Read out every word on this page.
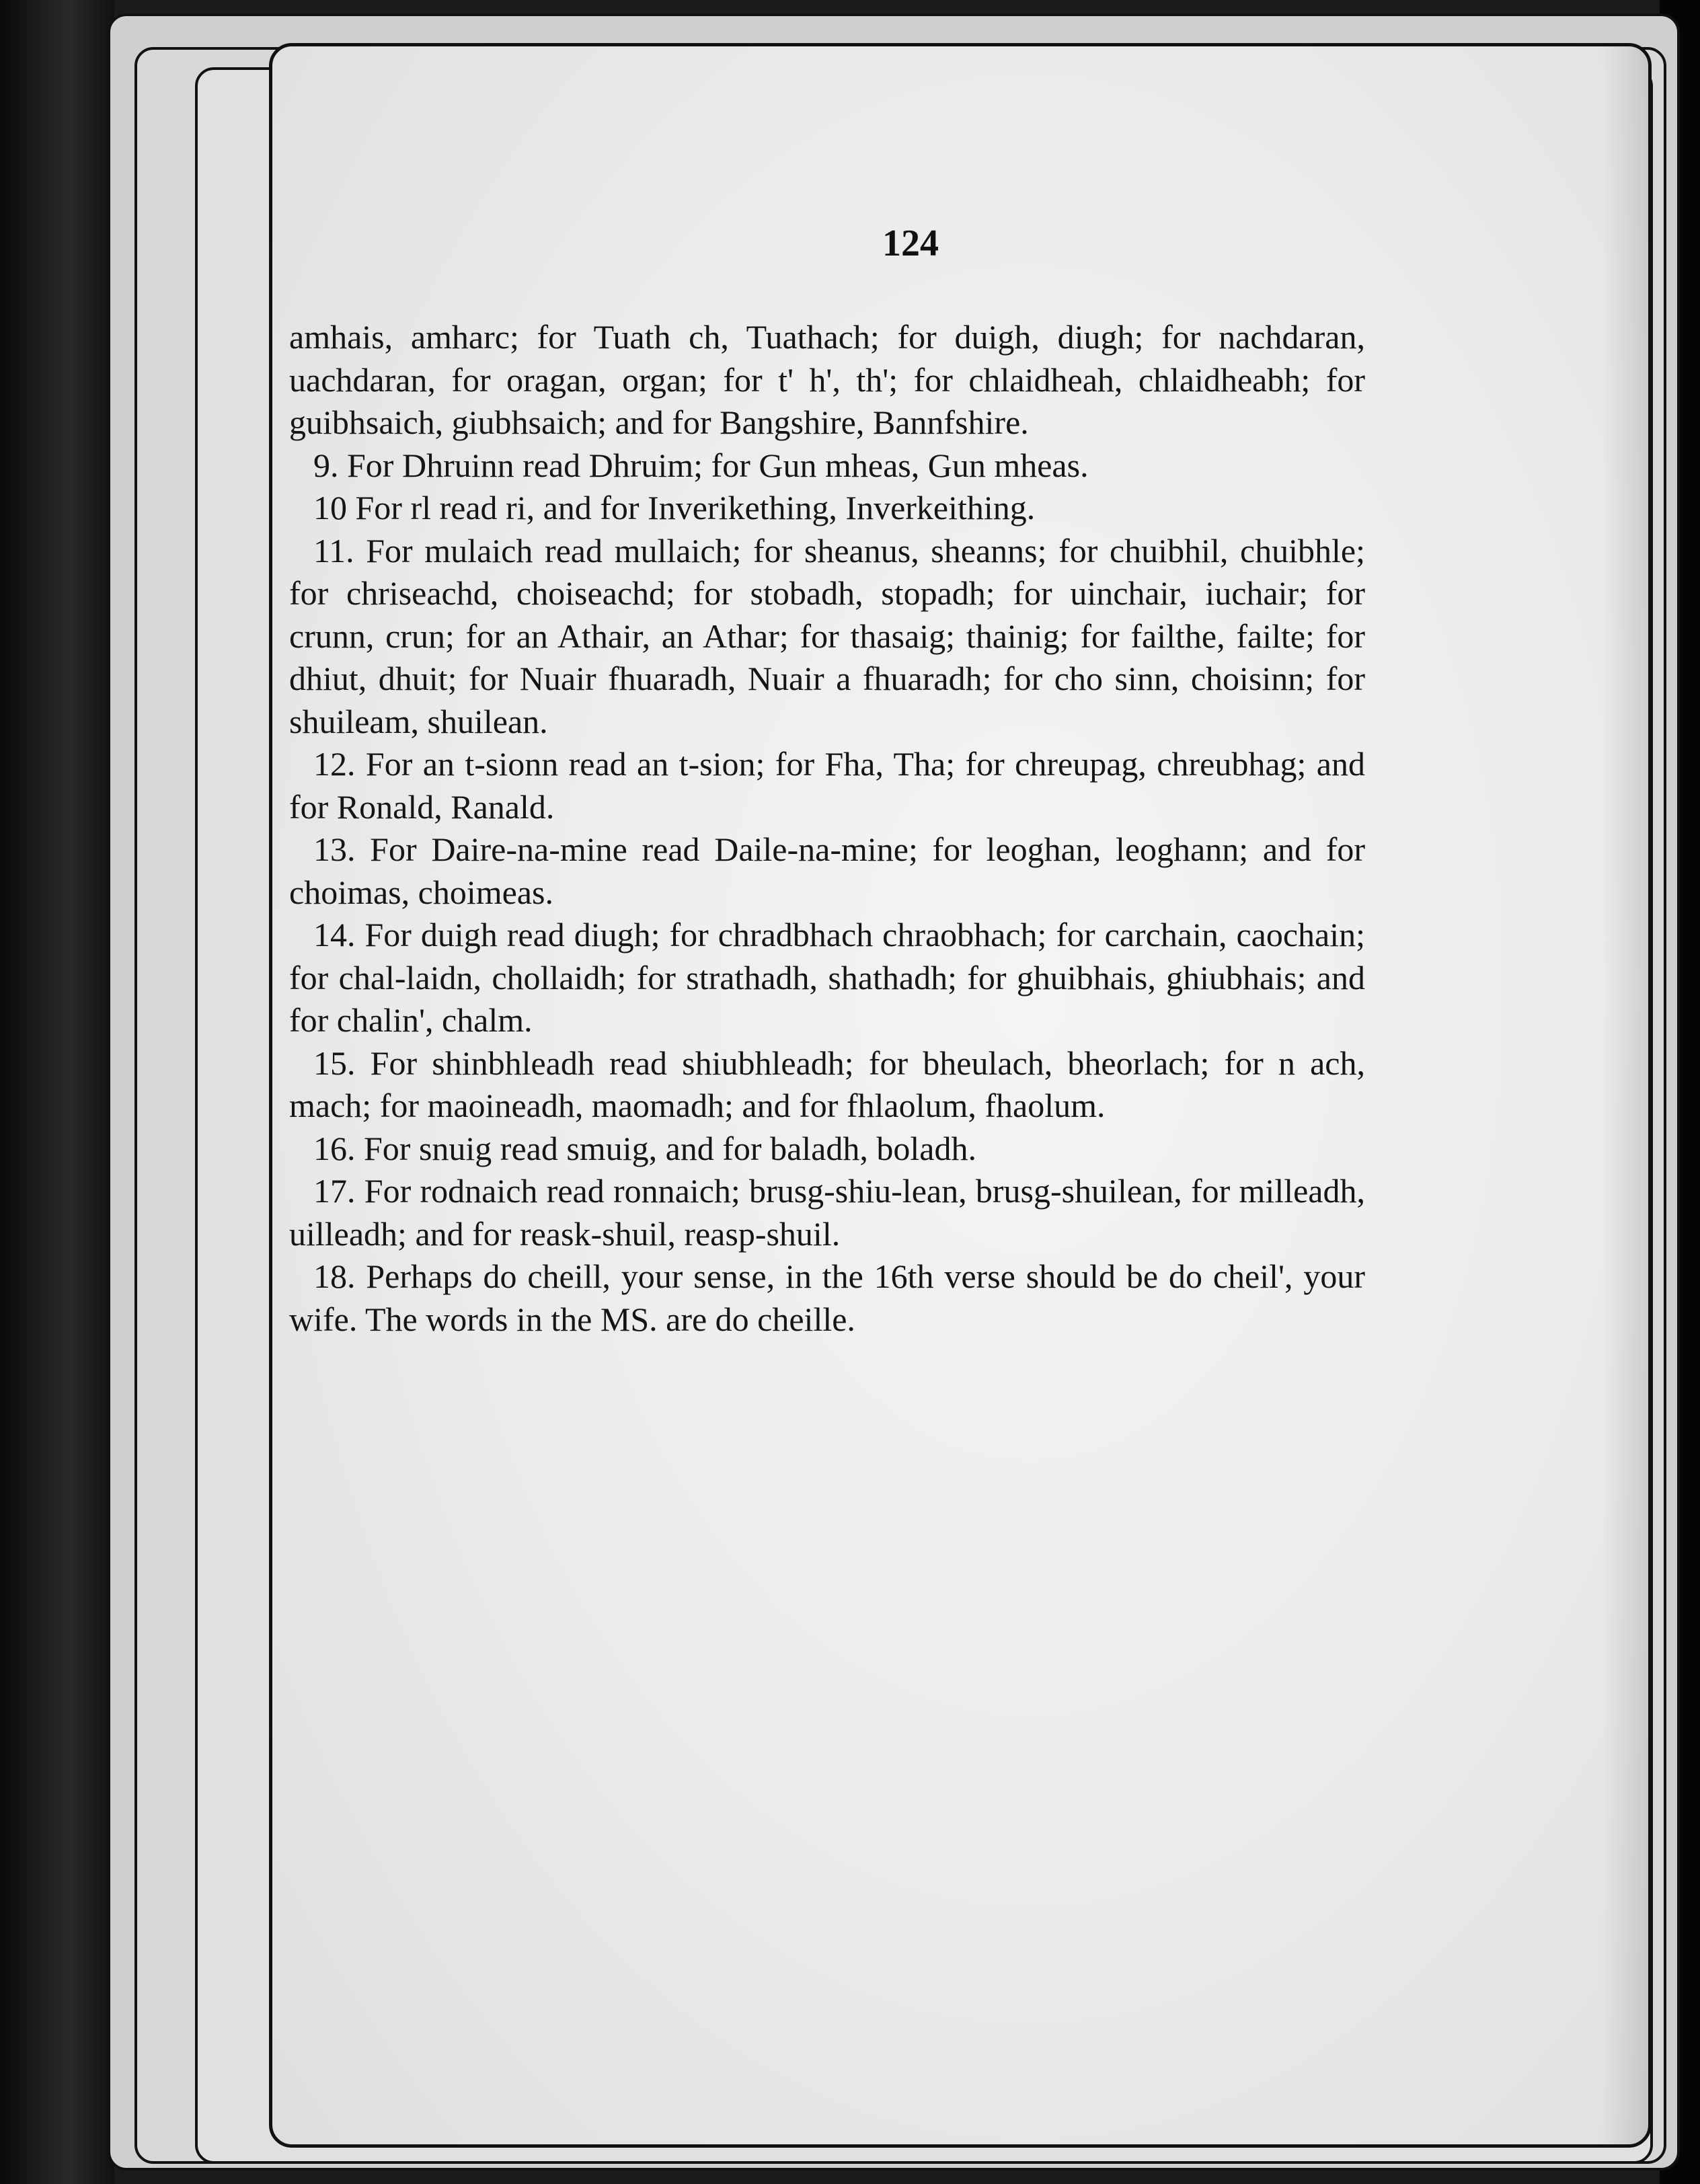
124

amhais, amharc; for Tuath ch, Tuathach; for duigh, diugh; for nachdaran, uachdaran, for oragan, organ; for t' h', th'; for chlaidheah, chlaidheabh; for guibhsaich, giubhsaich; and for Bangshire, Bannfshire.

9. For Dhruinn read Dhruim; for Gun mheas, Gun mheas.

10 For rl read ri, and for Inverikething, Inverkeithing.

11. For mulaich read mullaich; for sheanus, sheanns; for chuibhil, chuibhle; for chriseachd, choiseachd; for stobadh, stopadh; for uinchair, iuchair; for crunn, crun; for an Athair, an Athar; for thasaig; thainig; for failthe, failte; for dhiut, dhuit; for Nuair fhuaradh, Nuair a fhuaradh; for cho sinn, choisinn; for shuileam, shuilean.

12. For an t-sionn read an t-sion; for Fha, Tha; for chreupag, chreubhag; and for Ronald, Ranald.

13. For Daire-na-mine read Daile-na-mine; for leoghan, leoghann; and for choimas, choimeas.

14. For duigh read diugh; for chradbhach chraobhach; for carchain, caochain; for chal-laidn, chollaidh; for strathadh, shathadh; for ghuibhais, ghiubhais; and for chalin', chalm.

15. For shinbhleadh read shiubhleadh; for bheulach, bheorlach; for n ach, mach; for maoineadh, maomadh; and for fhlaolum, fhaolum.

16. For snuig read smuig, and for baladh, boladh.

17. For rodnaich read ronnaich; brusg-shiu-lean, brusg-shuilean, for milleadh, uilleadh; and for reask-shuil, reasp-shuil.

18. Perhaps do cheill, your sense, in the 16th verse should be do cheil', your wife. The words in the MS. are do cheille.
